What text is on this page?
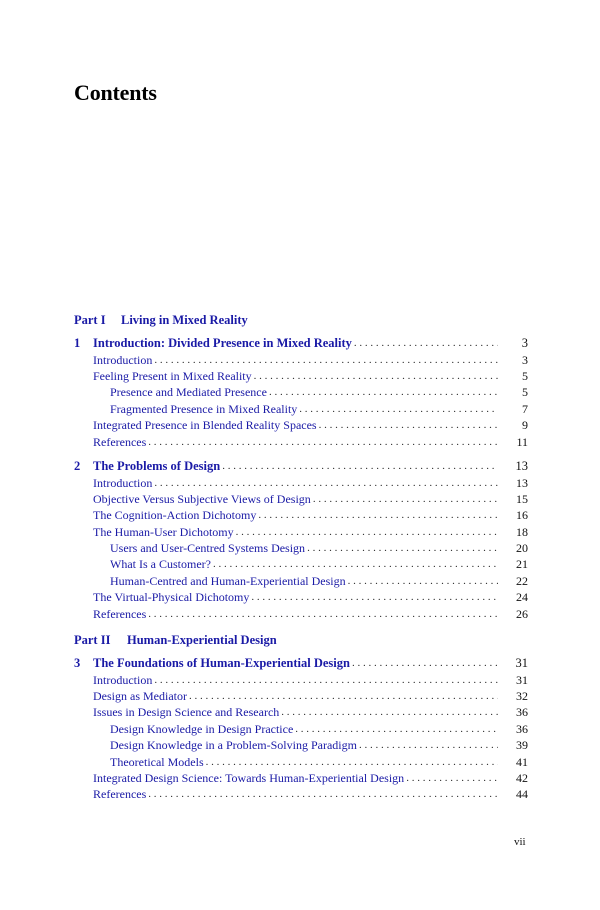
Contents
Part I Living in Mixed Reality
1 Introduction: Divided Presence in Mixed Reality . . .	3
Introduction . . .	3
Feeling Present in Mixed Reality . . .	5
Presence and Mediated Presence . . .	5
Fragmented Presence in Mixed Reality . . .	7
Integrated Presence in Blended Reality Spaces . . .	9
References . . .	11
2 The Problems of Design . . .	13
Introduction . . .	13
Objective Versus Subjective Views of Design . . .	15
The Cognition-Action Dichotomy . . .	16
The Human-User Dichotomy . . .	18
Users and User-Centred Systems Design . . .	20
What Is a Customer? . . .	21
Human-Centred and Human-Experiential Design . . .	22
The Virtual-Physical Dichotomy . . .	24
References . . .	26
Part II Human-Experiential Design
3 The Foundations of Human-Experiential Design . . .	31
Introduction . . .	31
Design as Mediator . . .	32
Issues in Design Science and Research . . .	36
Design Knowledge in Design Practice . . .	36
Design Knowledge in a Problem-Solving Paradigm . . .	39
Theoretical Models . . .	41
Integrated Design Science: Towards Human-Experiential Design . . .	42
References . . .	44
vii
